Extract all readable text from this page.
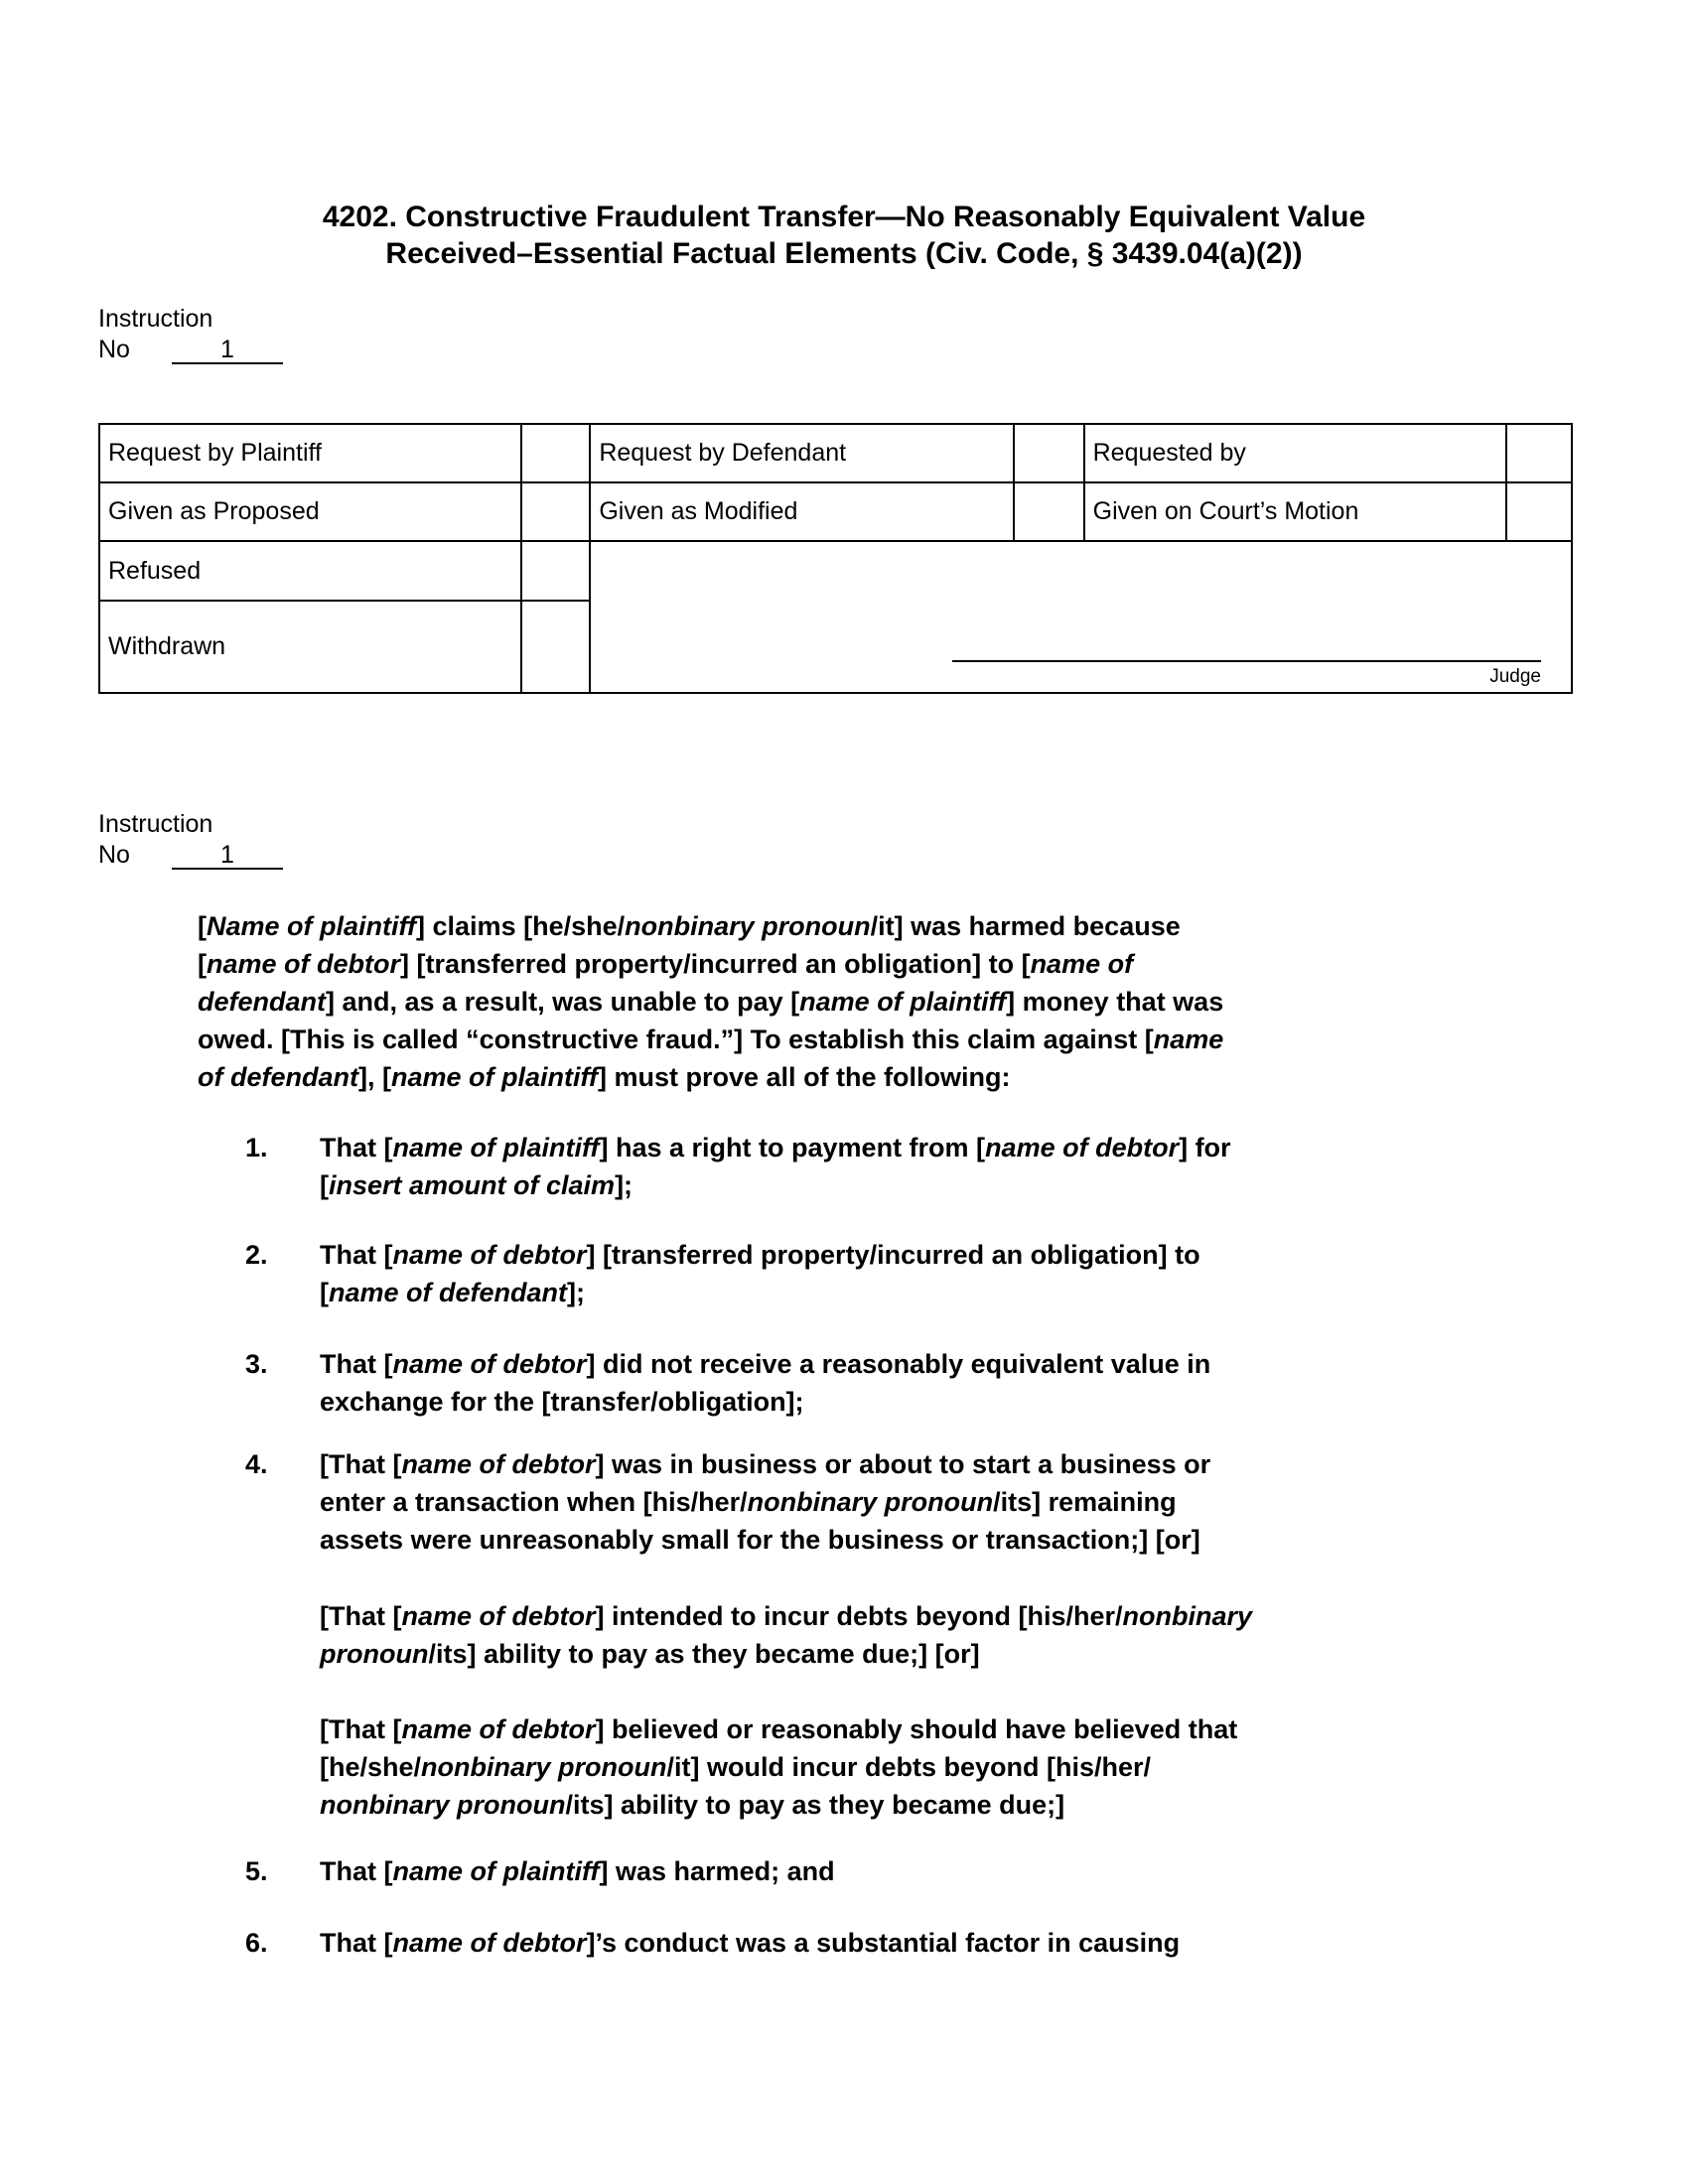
4202. Constructive Fraudulent Transfer—No Reasonably Equivalent Value
Received–Essential Factual Elements (Civ. Code, § 3439.04(a)(2))
Instruction
No	1
Request by Plaintiff		Request by Defendant		Requested by	
Given as Proposed		Given as Modified		Given on Court’s Motion	
Refused		Judge			

Withdrawn					
Instruction
No	1
[Name of plaintiff] claims [he/she/nonbinary pronoun/it] was harmed because
[name of debtor] [transferred property/incurred an obligation] to [name of
defendant] and, as a result, was unable to pay [name of plaintiff] money that was
owed. [This is called “constructive fraud.”] To establish this claim against [name
of defendant], [name of plaintiff] must prove all of the following:
1. That [name of plaintiff] has a right to payment from [name of debtor] for
[insert amount of claim];
2. That [name of debtor] [transferred property/incurred an obligation] to
[name of defendant];
3. That [name of debtor] did not receive a reasonably equivalent value in
exchange for the [transfer/obligation];
4. [That [name of debtor] was in business or about to start a business or
enter a transaction when [his/her/nonbinary pronoun/its] remaining
assets were unreasonably small for the business or transaction;] [or]
[That [name of debtor] intended to incur debts beyond [his/her/nonbinary
pronoun/its] ability to pay as they became due;] [or]
[That [name of debtor] believed or reasonably should have believed that
[he/she/nonbinary pronoun/it] would incur debts beyond [his/her/
nonbinary pronoun/its] ability to pay as they became due;]
5. That [name of plaintiff] was harmed; and
6. That [name of debtor]’s conduct was a substantial factor in causing
